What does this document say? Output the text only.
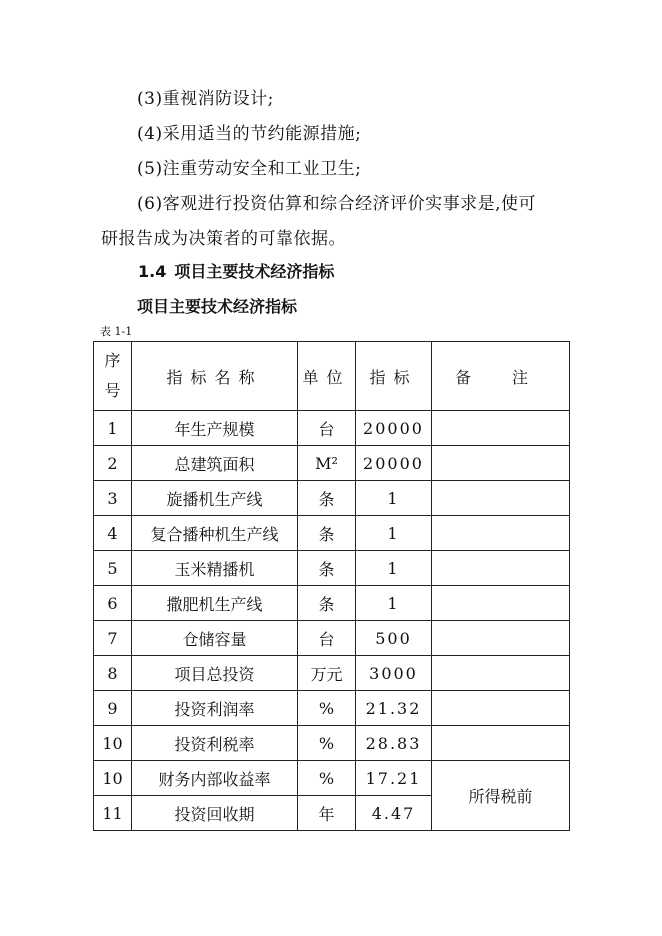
(3)重视消防设计;
(4)采用适当的节约能源措施;
(5)注重劳动安全和工业卫生;
(6)客观进行投资估算和综合经济评价实事求是,使可
研报告成为决策者的可靠依据。
1.4 项目主要技术经济指标
项目主要技术经济指标
表 1-1
序号	指标名称	单位	指标	备 注
1	年生产规模	台	20000	
2	总建筑面积	M²	20000	
3	旋播机生产线	条	1	
4	复合播种机生产线	条	1	
5	玉米精播机	条	1	
6	撒肥机生产线	条	1	
7	仓储容量	台	500	
8	项目总投资	万元	3000	
9	投资利润率	%	21.32	
10	投资利税率	%	28.83	
10	财务内部收益率	%	17.21	所得税前
11	投资回收期	年	4.47	
